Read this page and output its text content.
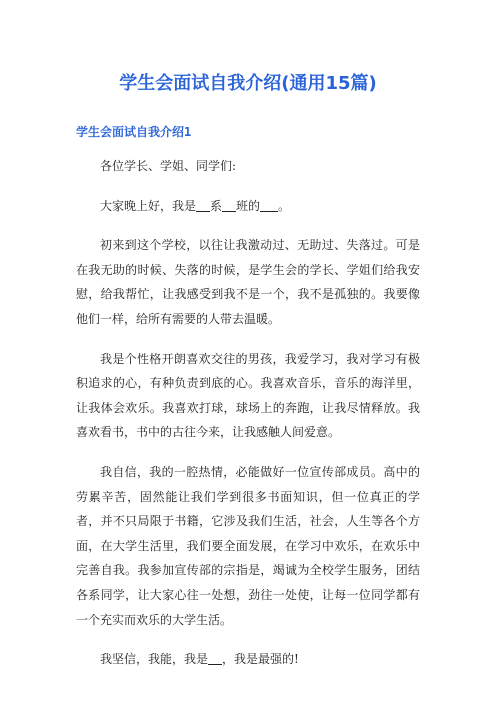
学生会面试自我介绍(通用15篇)
学生会面试自我介绍1

各位学长、学姐、同学们:

大家晚上好，我是 系 班的 。

初来到这个学校，以往让我激动过、无助过、失落过。可是在我无助的时候、失落的时候，是学生会的学长、学姐们给我安慰，给我帮忙，让我感受到我不是一个，我不是孤独的。我要像他们一样，给所有需要的人带去温暖。

我是个性格开朗喜欢交往的男孩，我爱学习，我对学习有极积追求的心，有种负责到底的心。我喜欢音乐，音乐的海洋里，让我体会欢乐。我喜欢打球，球场上的奔跑，让我尽情释放。我喜欢看书，书中的古往今来，让我感触人间爱意。

我自信，我的一腔热情，必能做好一位宣传部成员。高中的劳累辛苦，固然能让我们学到很多书面知识，但一位真正的学者，并不只局限于书籍，它涉及我们生活，社会，人生等各个方面，在大学生活里，我们要全面发展，在学习中欢乐，在欢乐中完善自我。我参加宣传部的宗指是，竭诚为全校学生服务，团结各系同学，让大家心往一处想，劲往一处使，让每一位同学都有一个充实而欢乐的大学生活。

我坚信，我能，我是 ，我是最强的!
